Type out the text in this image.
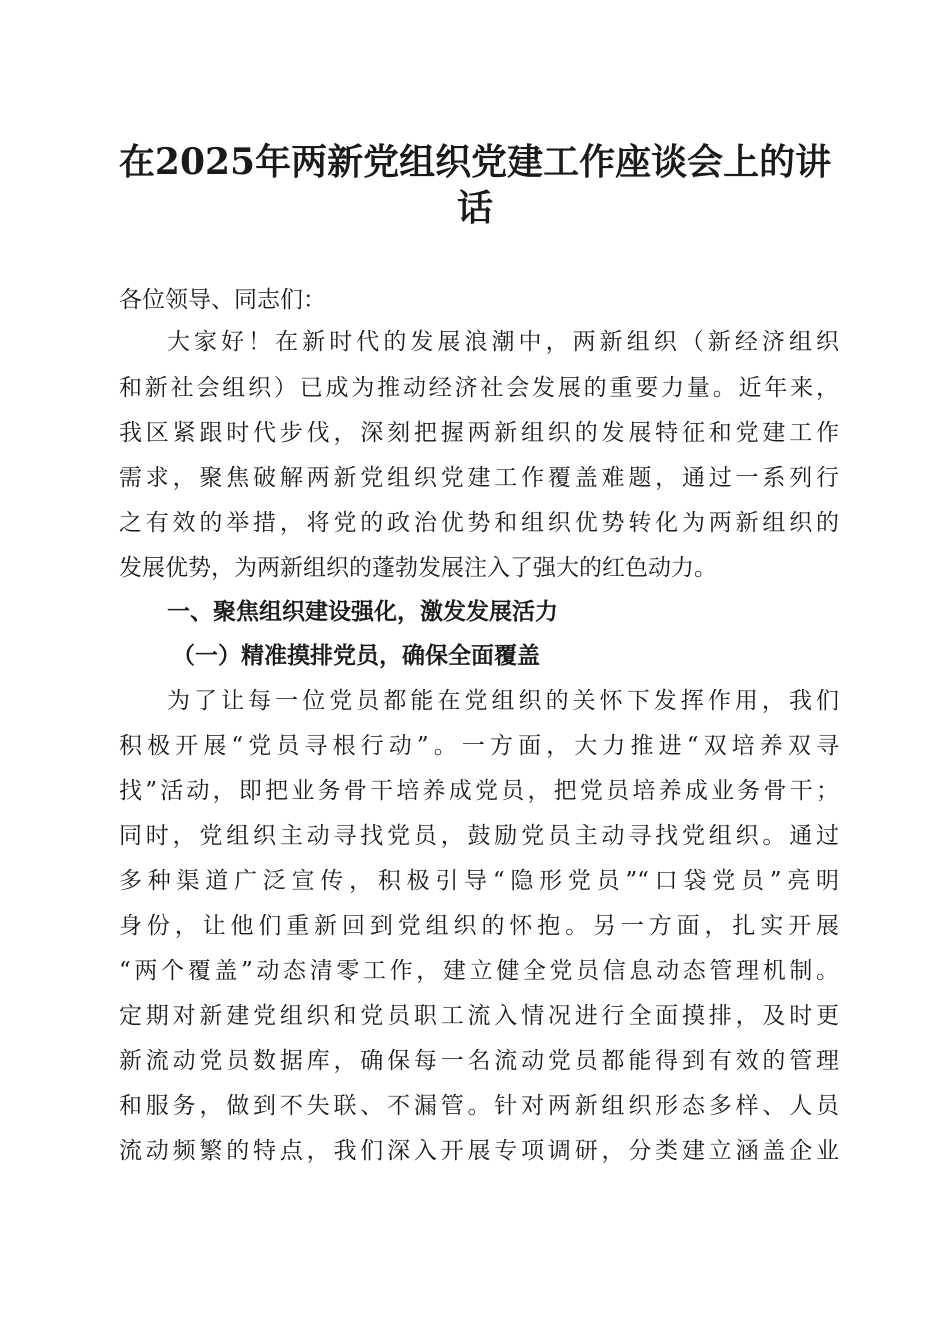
在2025年两新党组织党建工作座谈会上的讲
话
各位领导、同志们：
大家好！在新时代的发展浪潮中，两新组织（新经济组织
和新社会组织）已成为推动经济社会发展的重要力量。近年来，
我区紧跟时代步伐，深刻把握两新组织的发展特征和党建工作
需求，聚焦破解两新党组织党建工作覆盖难题，通过一系列行
之有效的举措，将党的政治优势和组织优势转化为两新组织的
发展优势，为两新组织的蓬勃发展注入了强大的红色动力。
一、聚焦组织建设强化，激发发展活力
（一）精准摸排党员，确保全面覆盖
为了让每一位党员都能在党组织的关怀下发挥作用，我们
积极开展“党员寻根行动”。一方面，大力推进“双培养双寻
找”活动，即把业务骨干培养成党员，把党员培养成业务骨干；
同时，党组织主动寻找党员，鼓励党员主动寻找党组织。通过
多种渠道广泛宣传，积极引导“隐形党员”“口袋党员”亮明
身份，让他们重新回到党组织的怀抱。另一方面，扎实开展
“两个覆盖”动态清零工作，建立健全党员信息动态管理机制。
定期对新建党组织和党员职工流入情况进行全面摸排，及时更
新流动党员数据库，确保每一名流动党员都能得到有效的管理
和服务，做到不失联、不漏管。针对两新组织形态多样、人员
流动频繁的特点，我们深入开展专项调研，分类建立涵盖企业
